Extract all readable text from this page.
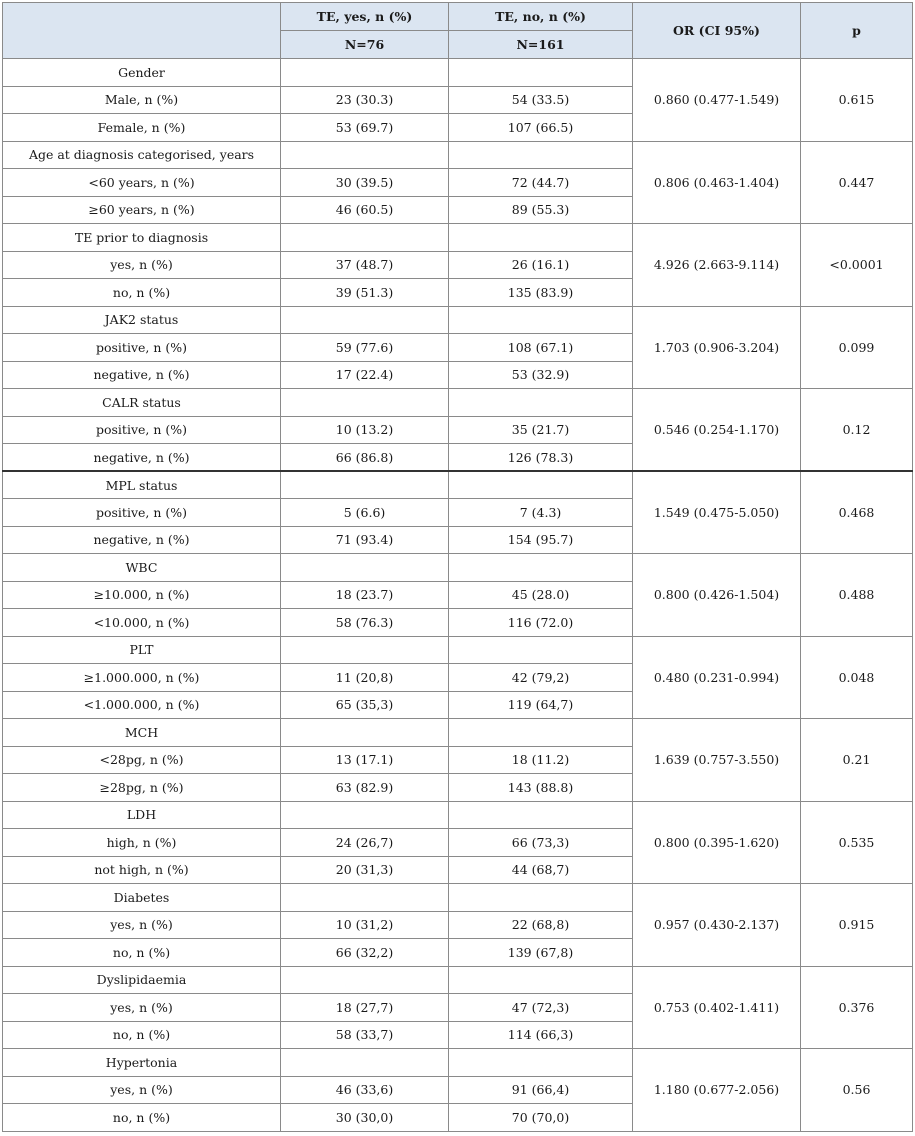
	TE, yes, n (%)	TE, no, n (%)	OR (CI 95%)	p
	N=76	N=161		
Gender			0.860 (0.477-1.549)	0.615
Male, n (%)	23 (30.3)	54 (33.5)		
Female, n (%)	53 (69.7)	107 (66.5)		
Age at diagnosis categorised, years			0.806 (0.463-1.404)	0.447
<60 years, n (%)	30 (39.5)	72 (44.7)		
≥60 years, n (%)	46 (60.5)	89 (55.3)		
TE prior to diagnosis			4.926 (2.663-9.114)	<0.0001
yes, n (%)	37 (48.7)	26 (16.1)		
no, n (%)	39 (51.3)	135 (83.9)		
JAK2 status			1.703 (0.906-3.204)	0.099
positive, n (%)	59 (77.6)	108 (67.1)		
negative, n (%)	17 (22.4)	53 (32.9)		
CALR status			0.546 (0.254-1.170)	0.12
positive, n (%)	10 (13.2)	35 (21.7)		
negative, n (%)	66 (86.8)	126 (78.3)		
MPL status			1.549 (0.475-5.050)	0.468
positive, n (%)	5 (6.6)	7 (4.3)		
negative, n (%)	71 (93.4)	154 (95.7)		
WBC			0.800 (0.426-1.504)	0.488
≥10.000, n (%)	18 (23.7)	45 (28.0)		
<10.000, n (%)	58 (76.3)	116 (72.0)		
PLT			0.480 (0.231-0.994)	0.048
≥1.000.000, n (%)	11 (20,8)	42 (79,2)		
<1.000.000, n (%)	65 (35,3)	119 (64,7)		
MCH			1.639 (0.757-3.550)	0.21
<28pg, n (%)	13 (17.1)	18 (11.2)		
≥28pg, n (%)	63 (82.9)	143 (88.8)		
LDH			0.800 (0.395-1.620)	0.535
high, n (%)	24 (26,7)	66 (73,3)		
not high, n (%)	20 (31,3)	44 (68,7)		
Diabetes			0.957 (0.430-2.137)	0.915
yes, n (%)	10 (31,2)	22 (68,8)		
no, n (%)	66 (32,2)	139 (67,8)		
Dyslipidaemia			0.753 (0.402-1.411)	0.376
yes, n (%)	18 (27,7)	47 (72,3)		
no, n (%)	58 (33,7)	114 (66,3)		
Hypertonia			1.180 (0.677-2.056)	0.56
yes, n (%)	46 (33,6)	91 (66,4)		
no, n (%)	30 (30,0)	70 (70,0)		
